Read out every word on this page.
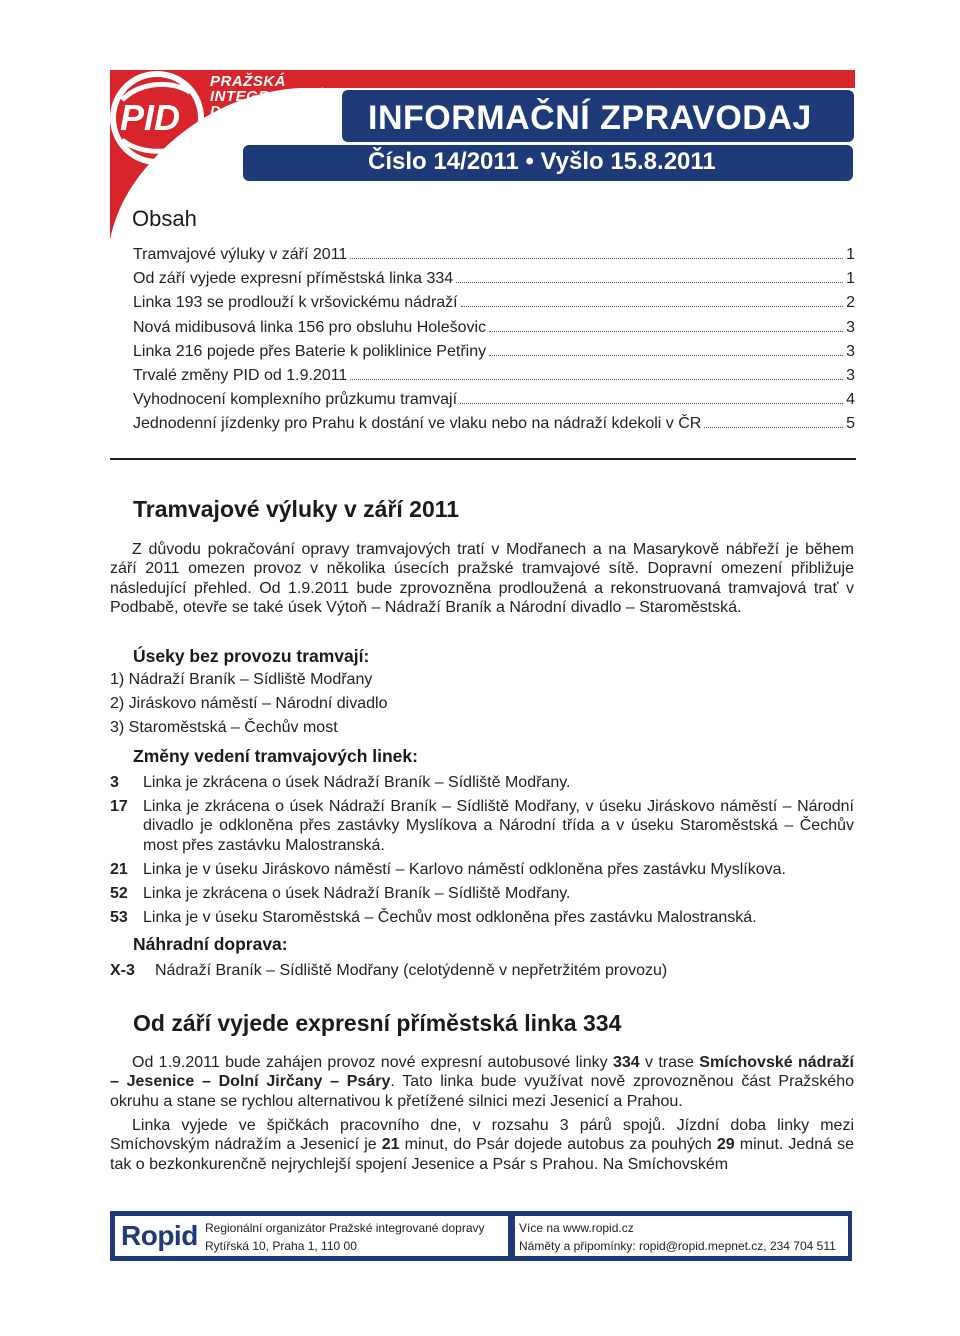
PRAŽSKÁ
INTEGROVANÁ
DOPRAVA
PID	INFORMAČNÍ ZPRAVODAJ
Číslo 14/2011 • Vyšlo 15.8.2011
Obsah
Tramvajové výluky v září 2011	1
Od září vyjede expresní příměstská linka 334	1
Linka 193 se prodlouží k vršovickému nádraží	2
Nová midibusová linka 156 pro obsluhu Holešovic	3
Linka 216 pojede přes Baterie k poliklinice Petřiny	3
Trvalé změny PID od 1.9.2011	3
Vyhodnocení komplexního průzkumu tramvají	4
Jednodenní jízdenky pro Prahu k dostání ve vlaku nebo na nádraží kdekoli v ČR	5
Tramvajové výluky v září 2011

Z důvodu pokračování opravy tramvajových tratí v Modřanech a na Masarykově nábřeží je během září 2011 omezen provoz v několika úsecích pražské tramvajové sítě. Dopravní omezení přibližuje následující přehled. Od 1.9.2011 bude zprovozněna prodloužená a rekonstruovaná tramvajová trať v Podbabě, otevře se také úsek Výtoň – Nádraží Braník a Národní divadlo – Staroměstská.

Úseky bez provozu tramvají:

1) Nádraží Braník – Sídliště Modřany

2) Jiráskovo náměstí – Národní divadlo

3) Staroměstská – Čechův most

Změny vedení tramvajových linek:
3	Linka je zkrácena o úsek Nádraží Braník – Sídliště Modřany.
17 Linka je zkrácena o úsek Nádraží Braník – Sídliště Modřany, v úseku Jiráskovo náměstí – Národní divadlo je odkloněna přes zastávky Myslíkova a Národní třída a v úseku Staroměstská – Čechův most přes zastávku Malostranská.
21 Linka je v úseku Jiráskovo náměstí – Karlovo náměstí odkloněna přes zastávku Myslíkova.
52 Linka je zkrácena o úsek Nádraží Braník – Sídliště Modřany.
53 Linka je v úseku Staroměstská – Čechův most odkloněna přes zastávku Malostranská.
Náhradní doprava:
X-3	Nádraží Braník – Sídliště Modřany (celotýdenně v nepřetržitém provozu)
Od září vyjede expresní příměstská linka 334

Od 1.9.2011 bude zahájen provoz nové expresní autobusové linky 334 v trase Smíchovské nádraží – Jesenice – Dolní Jirčany – Psáry. Tato linka bude využívat nově zprovozněnou část Pražského okruhu a stane se rychlou alternativou k přetížené silnici mezi Jesenicí a Prahou.

Linka vyjede ve špičkách pracovního dne, v rozsahu 3 párů spojů. Jízdní doba linky mezi Smíchovským nádražím a Jesenicí je 21 minut, do Psár dojede autobus za pouhých 29 minut. Jedná se tak o bezkonkurenčně nejrychlejší spojení Jesenice a Psár s Prahou. Na Smíchovském

Ropid Regionální organizátor Pražské integrované dopravy
Rytířská 10, Praha 1, 110 00
Více na www.ropid.cz
Náměty a připomínky: ropid@ropid.mepnet.cz, 234 704 511
